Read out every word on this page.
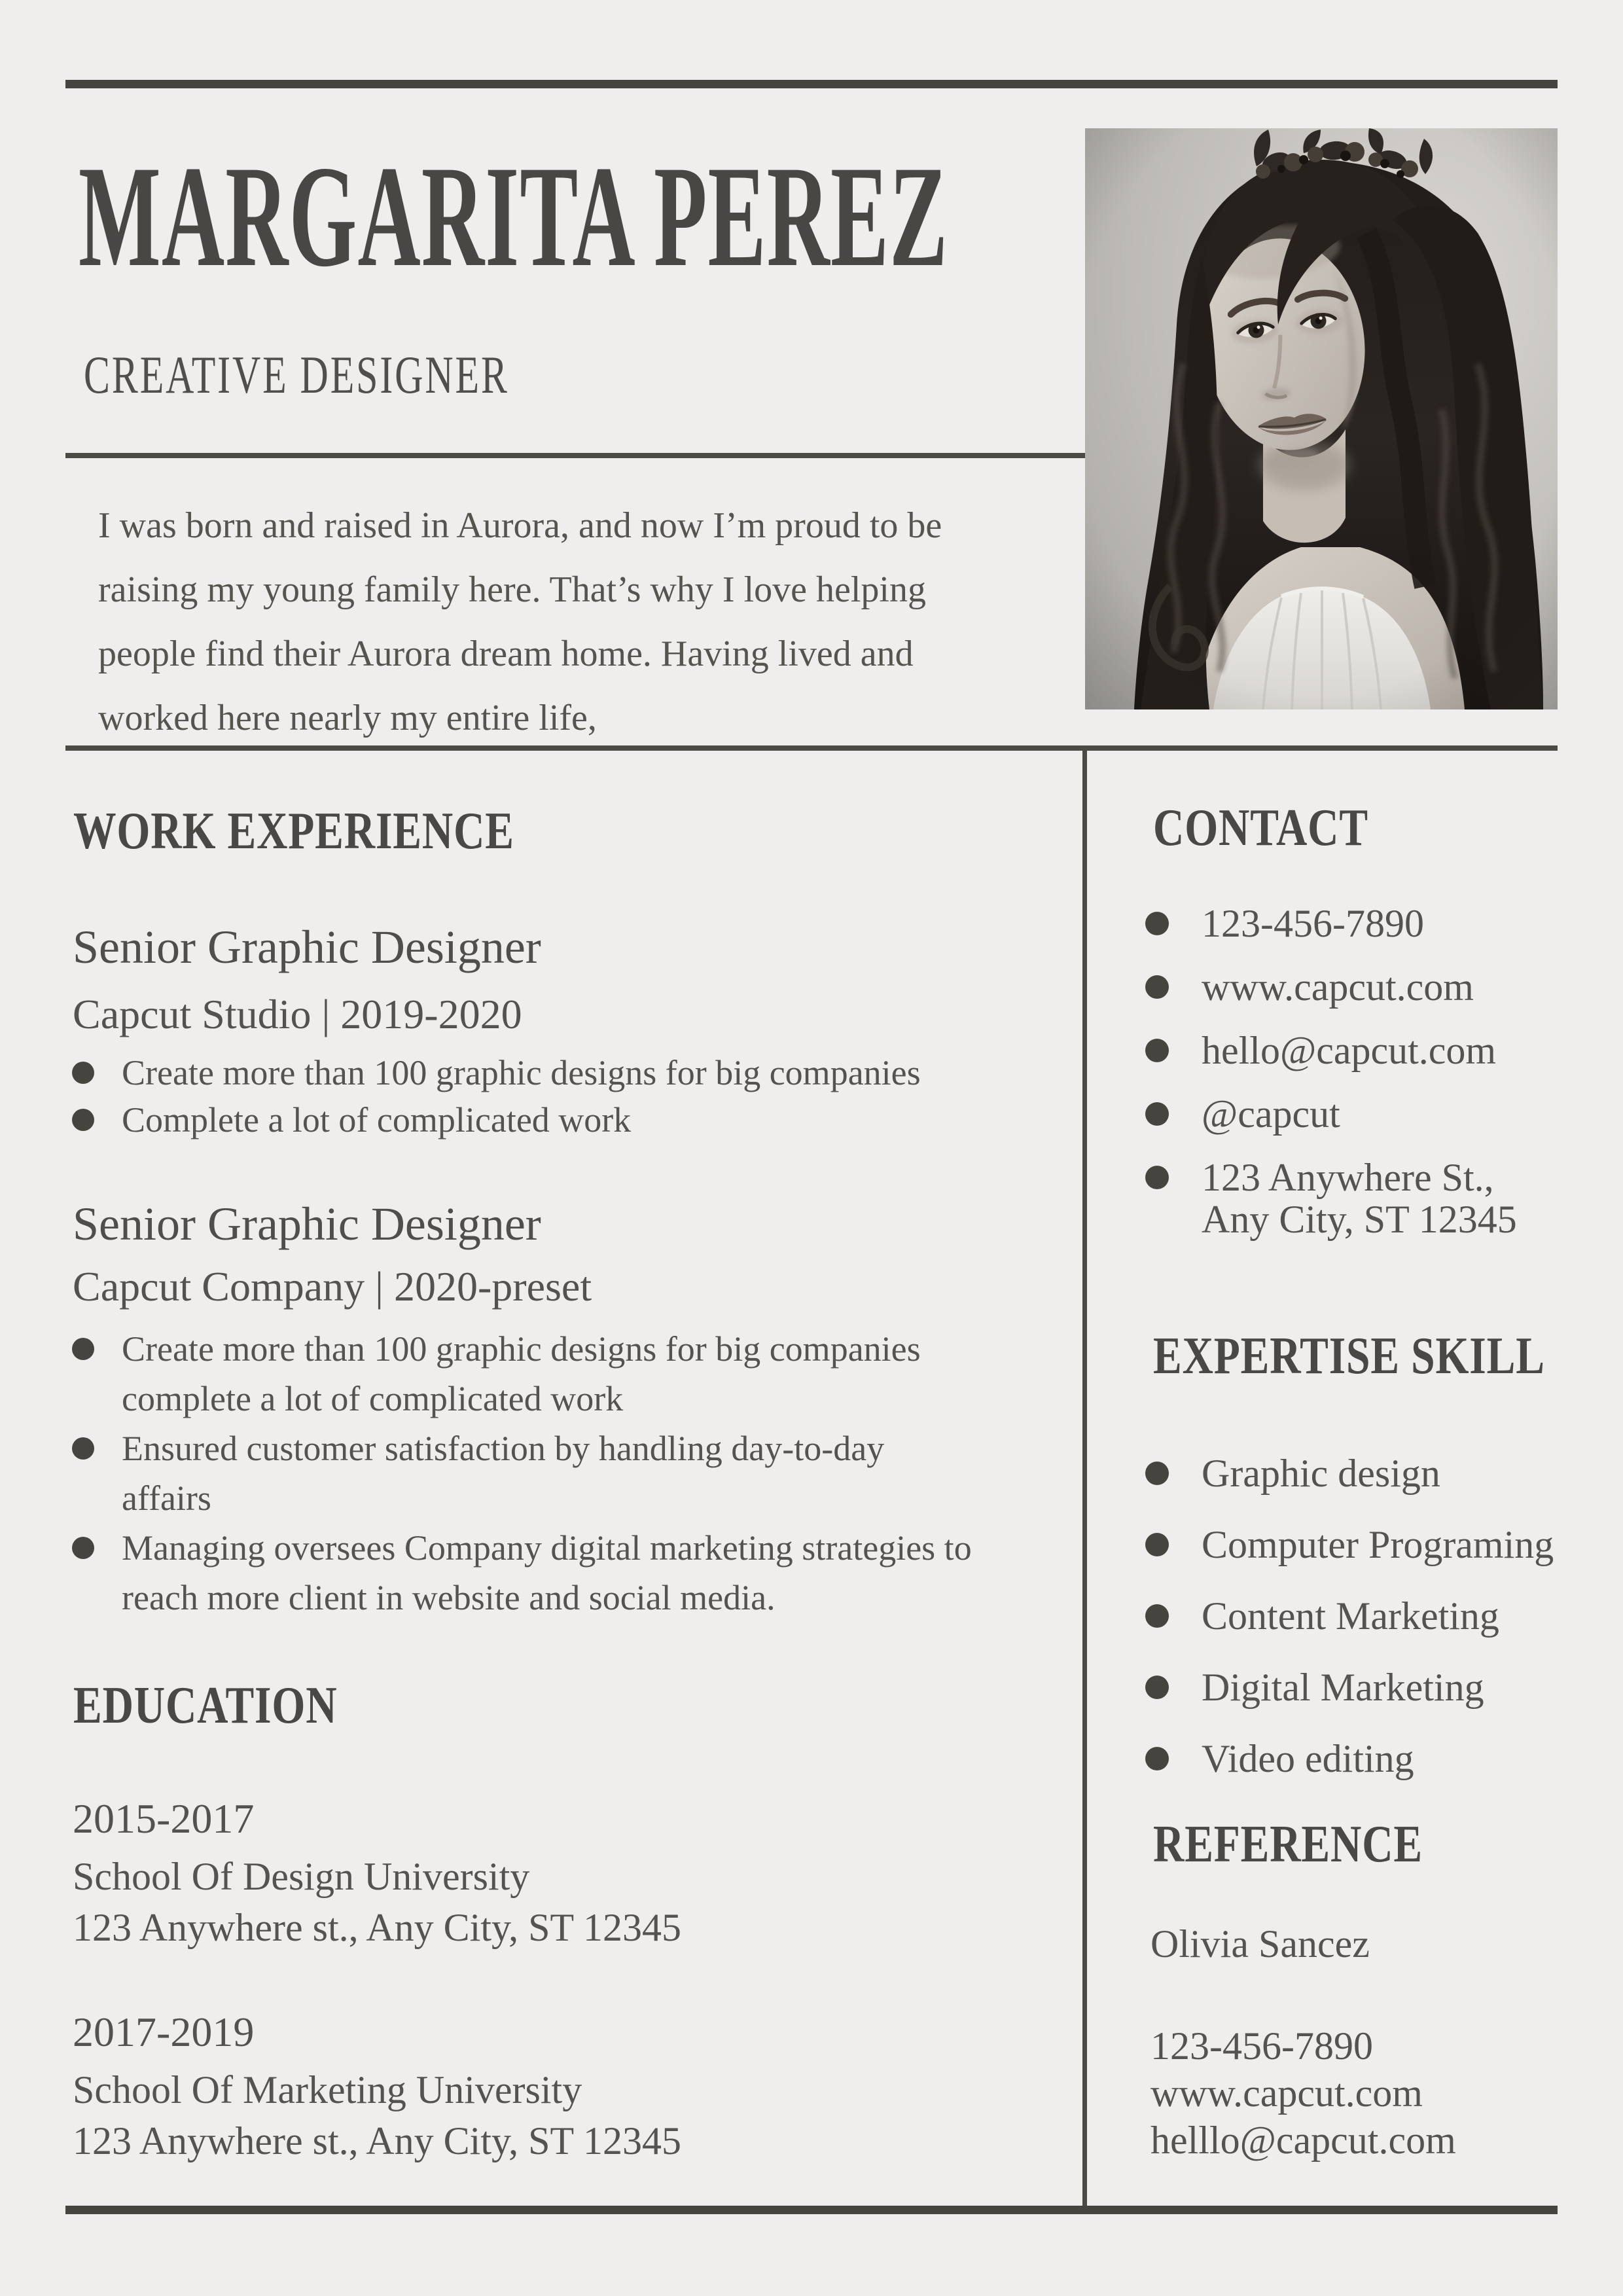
MARGARITA PEREZ
CREATIVE DESIGNER

I was born and raised in Aurora, and now I’m proud to be raising my young family here. That’s why I love helping people find their Aurora dream home. Having lived and worked here nearly my entire life,

WORK EXPERIENCE
Senior Graphic Designer
Capcut Studio | 2019-2020
Create more than 100 graphic designs for big companies
Complete a lot of complicated work
Senior Graphic Designer
Capcut Company | 2020-preset
Create more than 100 graphic designs for big companies complete a lot of complicated work
Ensured customer satisfaction by handling day-to-day affairs
Managing oversees Company digital marketing strategies to reach more client in website and social media.
EDUCATION
2015-2017
School Of Design University
123 Anywhere st., Any City, ST 12345
2017-2019
School Of Marketing University
123 Anywhere st., Any City, ST 12345
CONTACT
123-456-7890
www.capcut.com
hello@capcut.com
@capcut
123 Anywhere St., Any City, ST 12345
EXPERTISE SKILL
Graphic design
Computer Programing
Content Marketing
Digital Marketing
Video editing
REFERENCE
Olivia Sancez
123-456-7890
www.capcut.com
helllo@capcut.com
